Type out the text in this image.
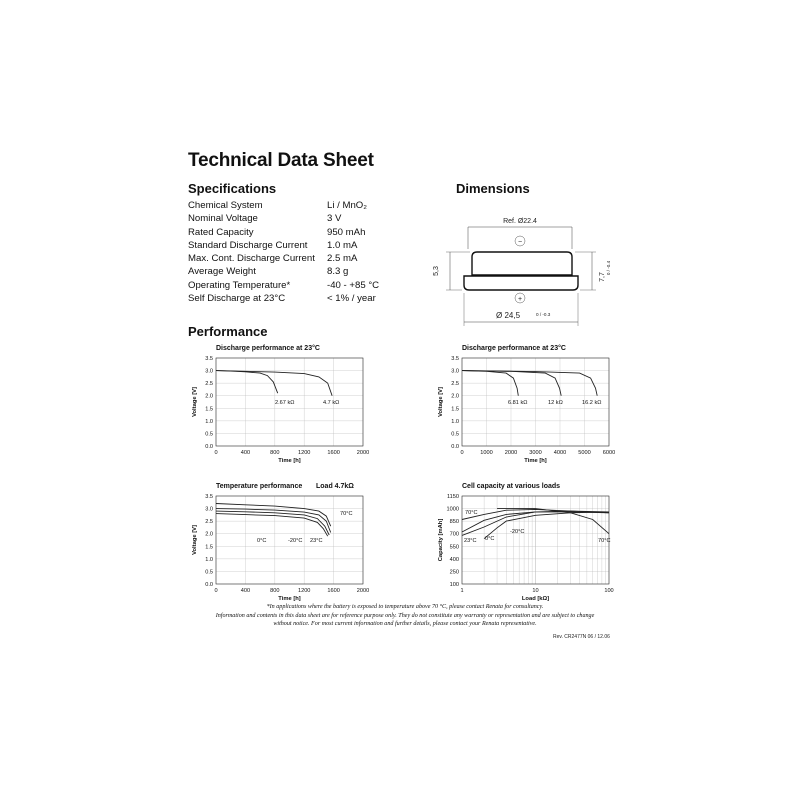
Technical Data Sheet
Specifications
Chemical System	Li / MnO₂
Nominal Voltage	3 V
Rated Capacity	950 mAh
Standard Discharge Current 1.0 mA
Max. Cont. Discharge Current 2.5 mA
Average Weight	8.3 g
Operating Temperature*	-40 - +85 °C
Self Discharge at 23°C	< 1% / year
Dimensions
Ref. Ø22.4
−
+
5,3
7,7
0 / -0.4
Ø 24,5	0 / -0.3
Performance
Discharge performance at 23°C
0	400	800	1200	1600	2000
0.0
0.5
1.0
1.5
2.0
2.5
3.0
3.5
Time [h]
Voltage [V]	2.67 kΩ	4.7 kΩ
Discharge performance at 23°C
0	1000 2000 3000 4000 5000 6000
0.0
0.5
1.0
1.5
2.0
2.5
3.0
3.5
Time [h]
Voltage [V]	6.81 kΩ	12 kΩ	16.2 kΩ
Temperature performance Load 4.7kΩ
0	400	800	1200	1600	2000
0.0
0.5
1.0
1.5
2.0
2.5
3.0
3.5
Time [h]
Voltage [V]
70°C
23°C
0°C	-20°C
Cell capacity at various loads
1	10	100
100
250
400
550
700
850
1000
1150
Load [kΩ]
Capacity [mAh]
70°C
23°C 0°C
-20°C
70°C
*In applications where the battery is exposed to temperature above 70 °C, please contact Renata for consultancy.
Information and contents in this data sheet are for reference purpose only. They do not constitute any warranty or representation and are subject to change
without notice. For most current information and further details, please contact your Renata representative.
Rev. CR2477N 06 / 12.06
